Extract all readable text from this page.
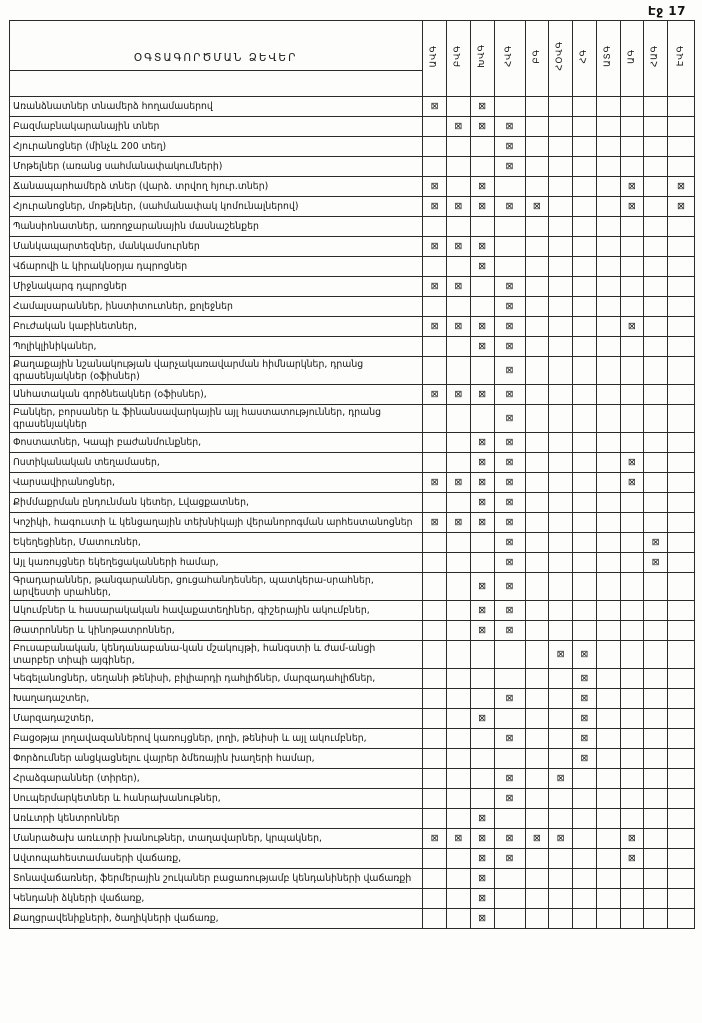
Էջ 17
ՕԳՏԱԳՈՐԾՄԱՆ ՁԵՎԵՐ	ԱՎԳ	ԲՎԳ	ԽՎԳ	ՀՎԳ	ԲԳ	ՀՕՎԳ	ՀԳ	ԱՏԳ	ԱԳ	ՀԱԳ	ԷՎԳ
Առանձնատներ տնամերձ հողամասերով	⊠		⊠								
Բազմաբնակարանային տներ		⊠	⊠	⊠							
Հյուրանոցներ (մինչև 200 տեղ)				⊠							
Մոթելներ (առանց սահմանափակումների)				⊠							
Ճանապարհամերձ տներ (վարձ. տրվող հյուր.տներ)	⊠		⊠						⊠		⊠
Հյուրանոցներ, մոթելներ, (սահմանափակ կոմունալներով)	⊠	⊠	⊠	⊠	⊠				⊠		⊠
Պանսիոնատներ, առողջարանային մասնաշենքեր											
Մանկապարտեզներ, մանկամսուրներ	⊠	⊠	⊠								
Վճարովի և կիրակնօրյա դպրոցներ			⊠								
Միջնակարգ դպրոցներ	⊠	⊠		⊠							
Համալսարաններ, ինստիտուտներ, քոլեջներ				⊠							
Բուժական կաբինետներ,	⊠	⊠	⊠	⊠					⊠		
Պոլիկլինիկաներ,			⊠	⊠							
Քաղաքային նշանակության վարչակառավարման հիմնարկներ, դրանց գրասենյակներ (օֆիսներ)				⊠							
Անհատական գործնեակներ (օֆիսներ),	⊠	⊠	⊠	⊠							
Բանկեր, բորսաներ և ֆինանսավարկային այլ հաստատություններ, դրանց գրասենյակներ				⊠							
Փոստատներ, Կապի բաժանմունքներ,			⊠	⊠							
Ոստիկանական տեղամասեր,			⊠	⊠					⊠		
Վարսավիրանոցներ,	⊠	⊠	⊠	⊠					⊠		
Քիմմաքրման ընդունման կետեր, Լվացքատներ,			⊠	⊠							
Կոշիկի, հագուստի և կենցաղային տեխնիկայի վերանորոգման արհեստանոցներ	⊠	⊠	⊠	⊠							
Եկեղեցիներ, Մատուռներ,				⊠						⊠	
Այլ կառույցներ եկեղեցականների համար,				⊠						⊠	
Գրադարաններ, թանգարաններ, ցուցահանդեսներ, պատկերա-սրահներ, արվեստի սրահներ,			⊠	⊠							
Ակումբներ և հասարակական հավաքատեղիներ, գիշերային ակումբներ,			⊠	⊠							
Թատրոններ և կինոթատրոններ,			⊠	⊠							
Բուսաբանական, կենդանաբանա-կան մշակույթի, հանգստի և ժամ-անցի տարբեր տիպի այգիներ,						⊠	⊠				
Կեգելանոցներ, սեղանի թենիսի, բիլիարդի դահլիճներ, մարզադահլիճներ,							⊠				
Խաղադաշտեր,				⊠			⊠				
Մարզադաշտեր,			⊠				⊠				
Բացօթյա լողավազաններով կառույցներ, լողի, թենիսի և այլ ակումբներ,				⊠			⊠				
Փորձումներ անցկացնելու վայրեր ձմեռային խաղերի համար,							⊠				
Հրաձգարաններ (տիրեր),				⊠		⊠					
Սուպերմարկետներ և հանրախանութներ,				⊠							
Առևտրի կենտրոններ			⊠								
Մանրածախ առևտրի խանութներ, տաղավարներ, կրպակներ,	⊠	⊠	⊠	⊠	⊠	⊠			⊠		
Ավտոպահեստամասերի վաճառք,			⊠	⊠					⊠		
Տոնավաճառներ, ֆերմերային շուկաներ բացառությամբ կենդանիների վաճառքի			⊠								
Կենդանի ձկների վաճառք,			⊠								
Քաղցրավենիքների, ծաղիկների վաճառք,			⊠								
